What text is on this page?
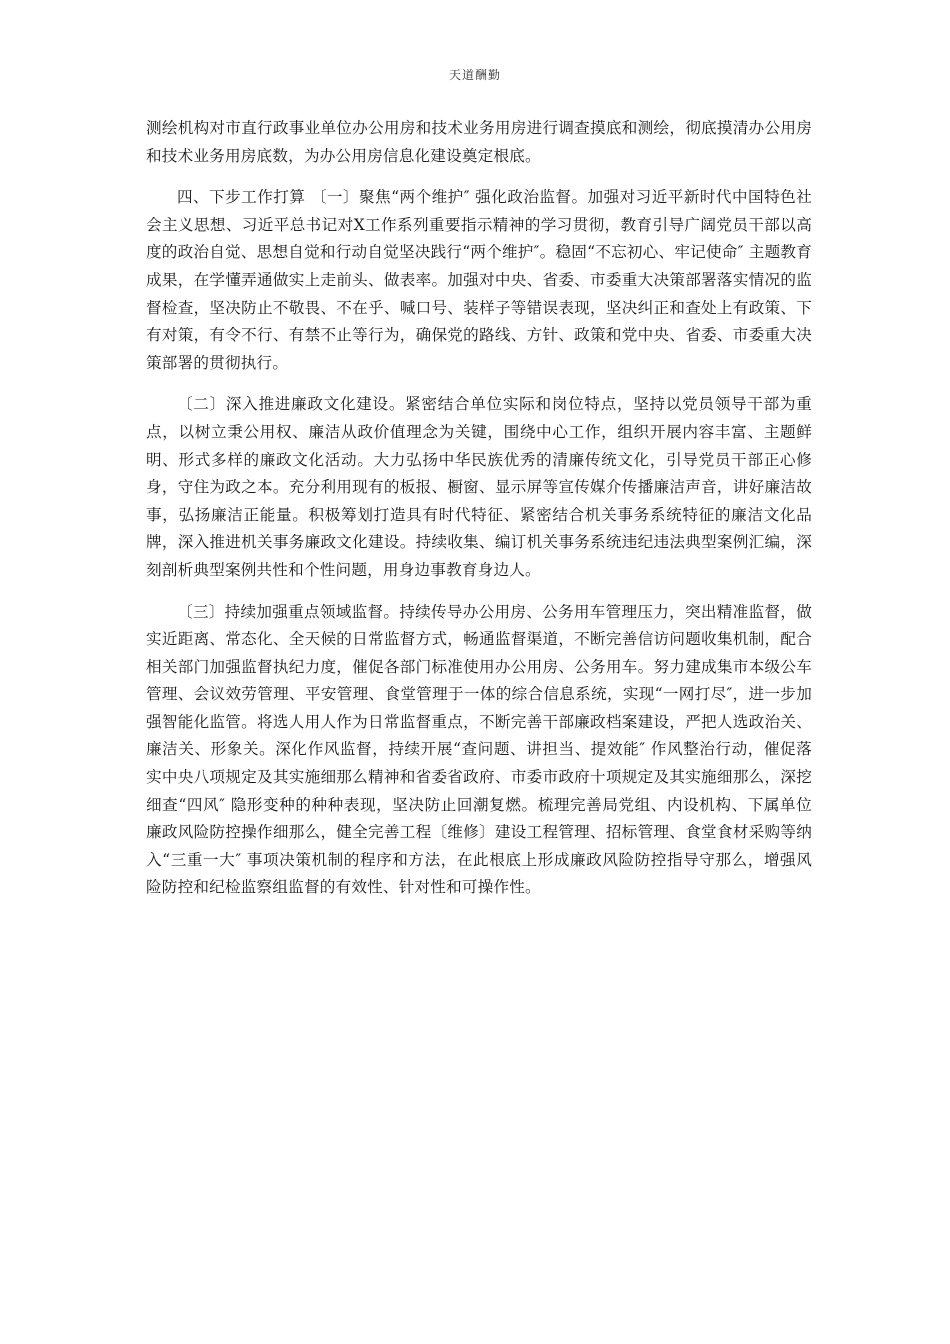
天道酬勤

测绘机构对市直行政事业单位办公用房和技术业务用房进行调查摸底和测绘，彻底摸清办公用房和技术业务用房底数，为办公用房信息化建设奠定根底。

四、下步工作打算 〔一〕聚焦“两个维护″ 强化政治监督。加强对习近平新时代中国特色社会主义思想、习近平总书记对X工作系列重要指示精神的学习贯彻，教育引导广阔党员干部以高度的政治自觉、思想自觉和行动自觉坚决践行“两个维护″。稳固“不忘初心、牢记使命″ 主题教育成果，在学懂弄通做实上走前头、做表率。加强对中央、省委、市委重大决策部署落实情况的监督检查，坚决防止不敬畏、不在乎、喊口号、装样子等错误表现，坚决纠正和查处上有政策、下有对策，有令不行、有禁不止等行为，确保党的路线、方针、政策和党中央、省委、市委重大决策部署的贯彻执行。

〔二〕深入推进廉政文化建设。紧密结合单位实际和岗位特点，坚持以党员领导干部为重点，以树立秉公用权、廉洁从政价值理念为关键，围绕中心工作，组织开展内容丰富、主题鲜明、形式多样的廉政文化活动。大力弘扬中华民族优秀的清廉传统文化，引导党员干部正心修身，守住为政之本。充分利用现有的板报、橱窗、显示屏等宣传媒介传播廉洁声音，讲好廉洁故事，弘扬廉洁正能量。积极筹划打造具有时代特征、紧密结合机关事务系统特征的廉洁文化品牌，深入推进机关事务廉政文化建设。持续收集、编订机关事务系统违纪违法典型案例汇编，深刻剖析典型案例共性和个性问题，用身边事教育身边人。

〔三〕持续加强重点领域监督。持续传导办公用房、公务用车管理压力，突出精准监督，做实近距离、常态化、全天候的日常监督方式，畅通监督渠道，不断完善信访问题收集机制，配合相关部门加强监督执纪力度，催促各部门标准使用办公用房、公务用车。努力建成集市本级公车管理、会议效劳管理、平安管理、食堂管理于一体的综合信息系统，实现“一网打尽″，进一步加强智能化监管。将选人用人作为日常监督重点，不断完善干部廉政档案建设，严把人选政治关、廉洁关、形象关。深化作风监督，持续开展“查问题、讲担当、提效能″ 作风整治行动，催促落实中央八项规定及其实施细那么精神和省委省政府、市委市政府十项规定及其实施细那么，深挖细查“四风″ 隐形变种的种种表现，坚决防止回潮复燃。梳理完善局党组、内设机构、下属单位廉政风险防控操作细那么，健全完善工程〔维修〕建设工程管理、招标管理、食堂食材采购等纳入“三重一大″ 事项决策机制的程序和方法，在此根底上形成廉政风险防控指导守那么，增强风险防控和纪检监察组监督的有效性、针对性和可操作性。
